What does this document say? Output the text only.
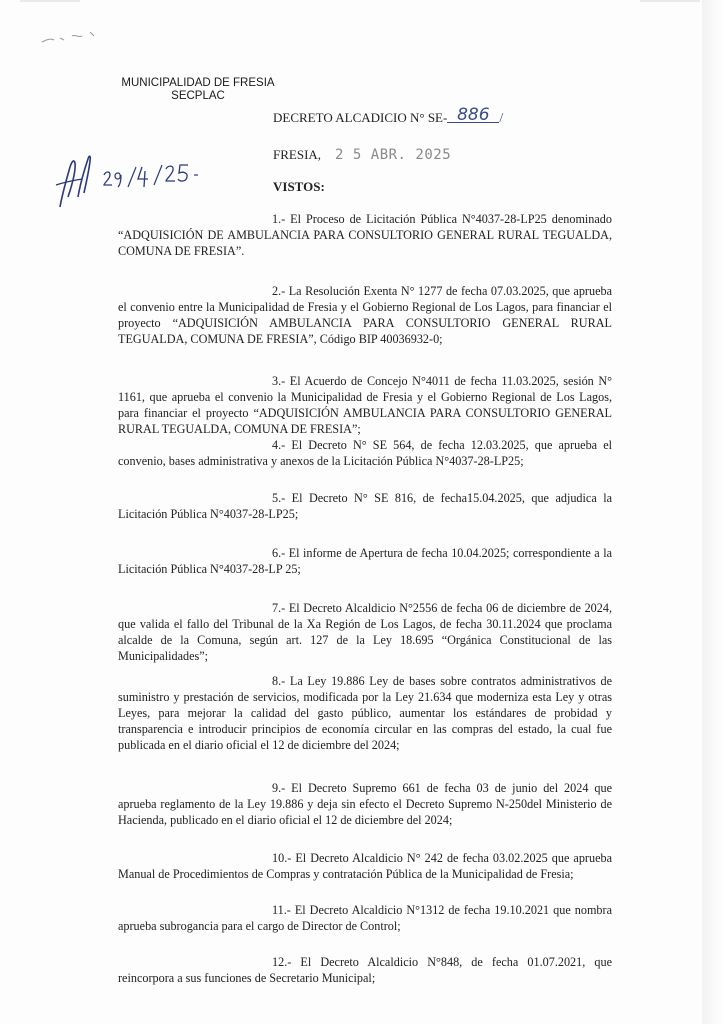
MUNICIPALIDAD DE FRESIA
SECPLAC
DECRETO ALCADICIO N° SE- 886 /
FRESIA, 2 5 ABR. 2025
VISTOS:
1.- El Proceso de Licitación Pública N°4037-28-LP25 denominado “ADQUISICIÓN DE AMBULANCIA PARA CONSULTORIO GENERAL RURAL TEGUALDA, COMUNA DE FRESIA”.
2.- La Resolución Exenta N° 1277 de fecha 07.03.2025, que aprueba el convenio entre la Municipalidad de Fresia y el Gobierno Regional de Los Lagos, para financiar el proyecto “ADQUISICIÓN AMBULANCIA PARA CONSULTORIO GENERAL RURAL TEGUALDA, COMUNA DE FRESIA”, Código BIP 40036932-0;
3.- El Acuerdo de Concejo N°4011 de fecha 11.03.2025, sesión N° 1161, que aprueba el convenio la Municipalidad de Fresia y el Gobierno Regional de Los Lagos, para financiar el proyecto “ADQUISICIÓN AMBULANCIA PARA CONSULTORIO GENERAL RURAL TEGUALDA, COMUNA DE FRESIA”;
4.- El Decreto N° SE 564, de fecha 12.03.2025, que aprueba el convenio, bases administrativa y anexos de la Licitación Pública N°4037-28-LP25;
5.- El Decreto N° SE 816, de fecha15.04.2025, que adjudica la Licitación Pública N°4037-28-LP25;
6.- El informe de Apertura de fecha 10.04.2025; correspondiente a la Licitación Pública N°4037-28-LP 25;
7.- El Decreto Alcaldicio N°2556 de fecha 06 de diciembre de 2024, que valida el fallo del Tribunal de la Xa Región de Los Lagos, de fecha 30.11.2024 que proclama alcalde de la Comuna, según art. 127 de la Ley 18.695 “Orgánica Constitucional de las Municipalidades”;
8.- La Ley 19.886 Ley de bases sobre contratos administrativos de suministro y prestación de servicios, modificada por la Ley 21.634 que moderniza esta Ley y otras Leyes, para mejorar la calidad del gasto público, aumentar los estándares de probidad y transparencia e introducir principios de economía circular en las compras del estado, la cual fue publicada en el diario oficial el 12 de diciembre del 2024;
9.- El Decreto Supremo 661 de fecha 03 de junio del 2024 que aprueba reglamento de la Ley 19.886 y deja sin efecto el Decreto Supremo N-250del Ministerio de Hacienda, publicado en el diario oficial el 12 de diciembre del 2024;
10.- El Decreto Alcaldicio N° 242 de fecha 03.02.2025 que aprueba Manual de Procedimientos de Compras y contratación Pública de la Municipalidad de Fresia;
11.- El Decreto Alcaldicio N°1312 de fecha 19.10.2021 que nombra aprueba subrogancia para el cargo de Director de Control;
12.- El Decreto Alcaldicio N°848, de fecha 01.07.2021, que reincorpora a sus funciones de Secretario Municipal;
